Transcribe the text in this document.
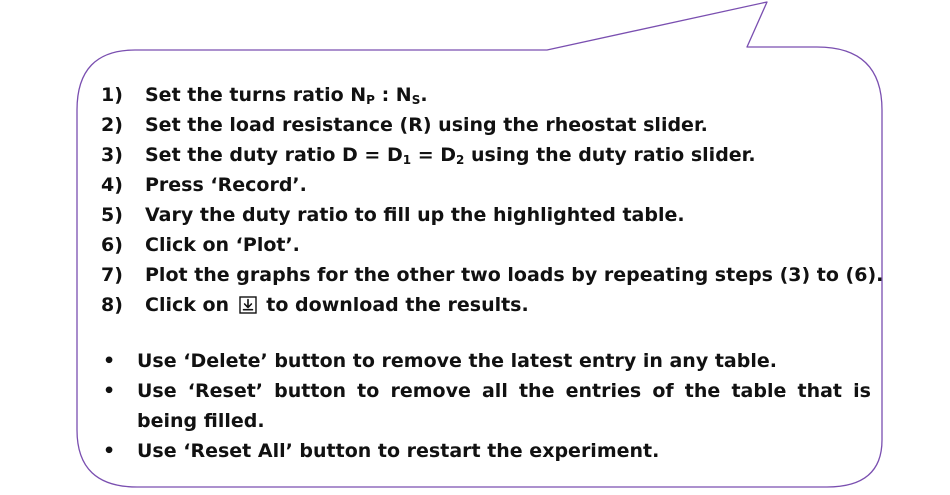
1)	Set the turns ratio $N_P$ : $N_S$.
2)	Set the load resistance (R) using the rheostat slider.
3)	Set the duty ratio $D = D_1 = D_2$ using the duty ratio slider.
4)	Press ‘Record’.
5)	Vary the duty ratio to fill up the highlighted table.
6)	Click on ‘Plot’.
7)	Plot the graphs for the other two loads by repeating steps (3) to (6).
8)	Click on  to download the results.
•	Use ‘Delete’ button to remove the latest entry in any table.
•	Use ‘Reset’ button to remove all the entries of the table that is being filled.
•	Use ‘Reset All’ button to restart the experiment.
